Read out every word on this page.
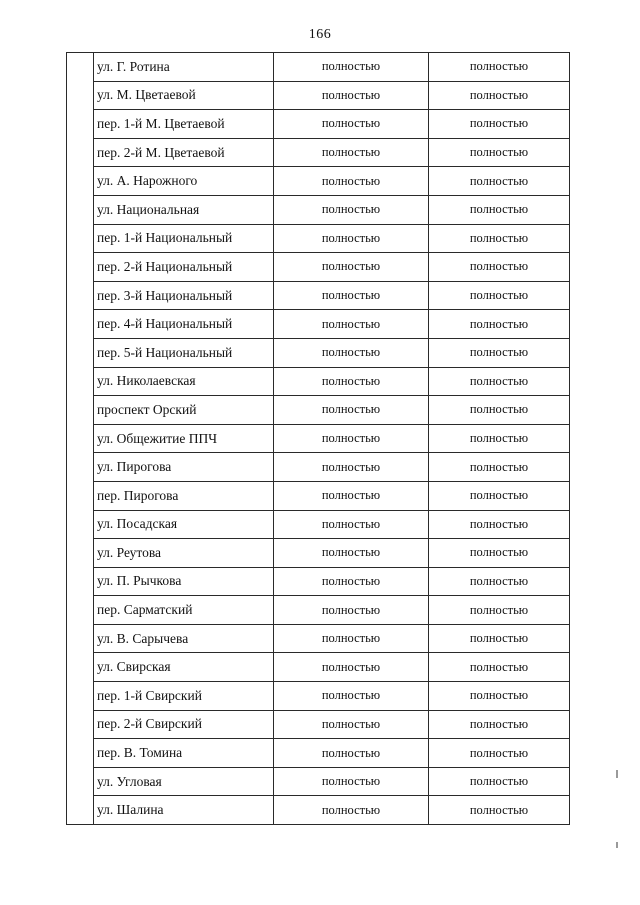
166
	ул. Г. Ротина	полностью	полностью
	ул. М. Цветаевой	полностью	полностью
	пер. 1-й М. Цветаевой	полностью	полностью
	пер. 2-й М. Цветаевой	полностью	полностью
	ул. А. Нарожного	полностью	полностью
	ул. Национальная	полностью	полностью
	пер. 1-й Национальный	полностью	полностью
	пер. 2-й Национальный	полностью	полностью
	пер. 3-й Национальный	полностью	полностью
	пер. 4-й Национальный	полностью	полностью
	пер. 5-й Национальный	полностью	полностью
	ул. Николаевская	полностью	полностью
	проспект Орский	полностью	полностью
	ул. Общежитие ППЧ	полностью	полностью
	ул. Пирогова	полностью	полностью
	пер. Пирогова	полностью	полностью
	ул. Посадская	полностью	полностью
	ул. Реутова	полностью	полностью
	ул. П. Рычкова	полностью	полностью
	пер. Сарматский	полностью	полностью
	ул. В. Сарычева	полностью	полностью
	ул. Свирская	полностью	полностью
	пер. 1-й Свирский	полностью	полностью
	пер. 2-й Свирский	полностью	полностью
	пер. В. Томина	полностью	полностью
	ул. Угловая	полностью	полностью
	ул. Шалина	полностью	полностью
